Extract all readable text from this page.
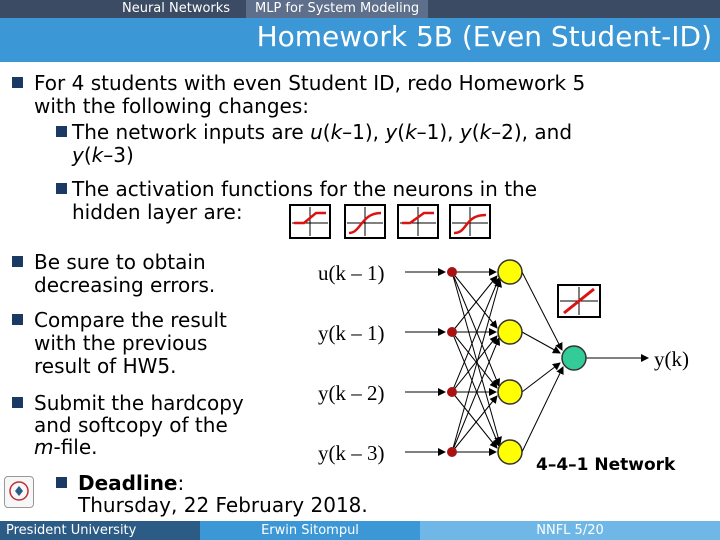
Neural Networks	MLP for System Modeling
Homework 5B (Even Student-ID)
For 4 students with even Student ID, redo Homework 5
with the following changes:
The network inputs are u(k–1), y(k–1), y(k–2), and
y(k–3)
The activation functions for the neurons in the
hidden layer are:
Be sure to obtain
decreasing errors.
Compare the result
with the previous
result of HW5.
Submit the hardcopy
and softcopy of the
m-file.
Deadline:
Thursday, 22 February 2018.
u(k – 1)
y(k – 1)
y(k – 2)
y(k – 3)
y(k)
4–4–1 Network
President University	Erwin Sitompul	NNFL 5/20
